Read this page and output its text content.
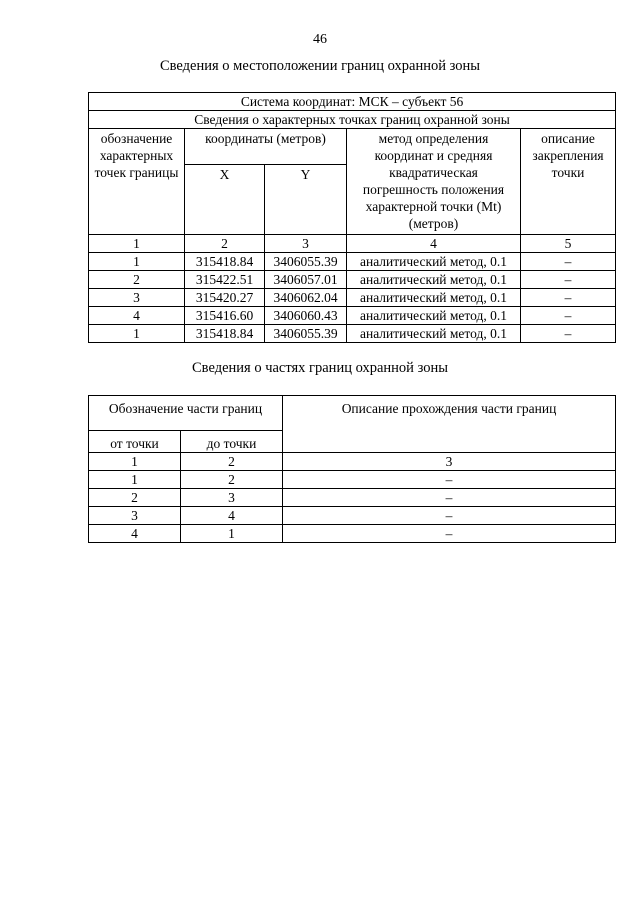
46
Сведения о местоположении границ охранной зоны
Система координат: МСК – субъект 56				
Сведения о характерных точках границ охранной зоны				
обозначение характерных точек границы	координаты (метров)		метод определения координат и средняя квадратическая погрешность положения характерной точки (Mt) (метров)	описание закрепления точки
	X	Y		
1	2	3	4	5
1	315418.84	3406055.39	аналитический метод, 0.1	–
2	315422.51	3406057.01	аналитический метод, 0.1	–
3	315420.27	3406062.04	аналитический метод, 0.1	–
4	315416.60	3406060.43	аналитический метод, 0.1	–
1	315418.84	3406055.39	аналитический метод, 0.1	–
Сведения о частях границ охранной зоны
Обозначение части границ		Описание прохождения части границ
от точки	до точки	
1	2	3
1	2	–
2	3	–
3	4	–
4	1	–
